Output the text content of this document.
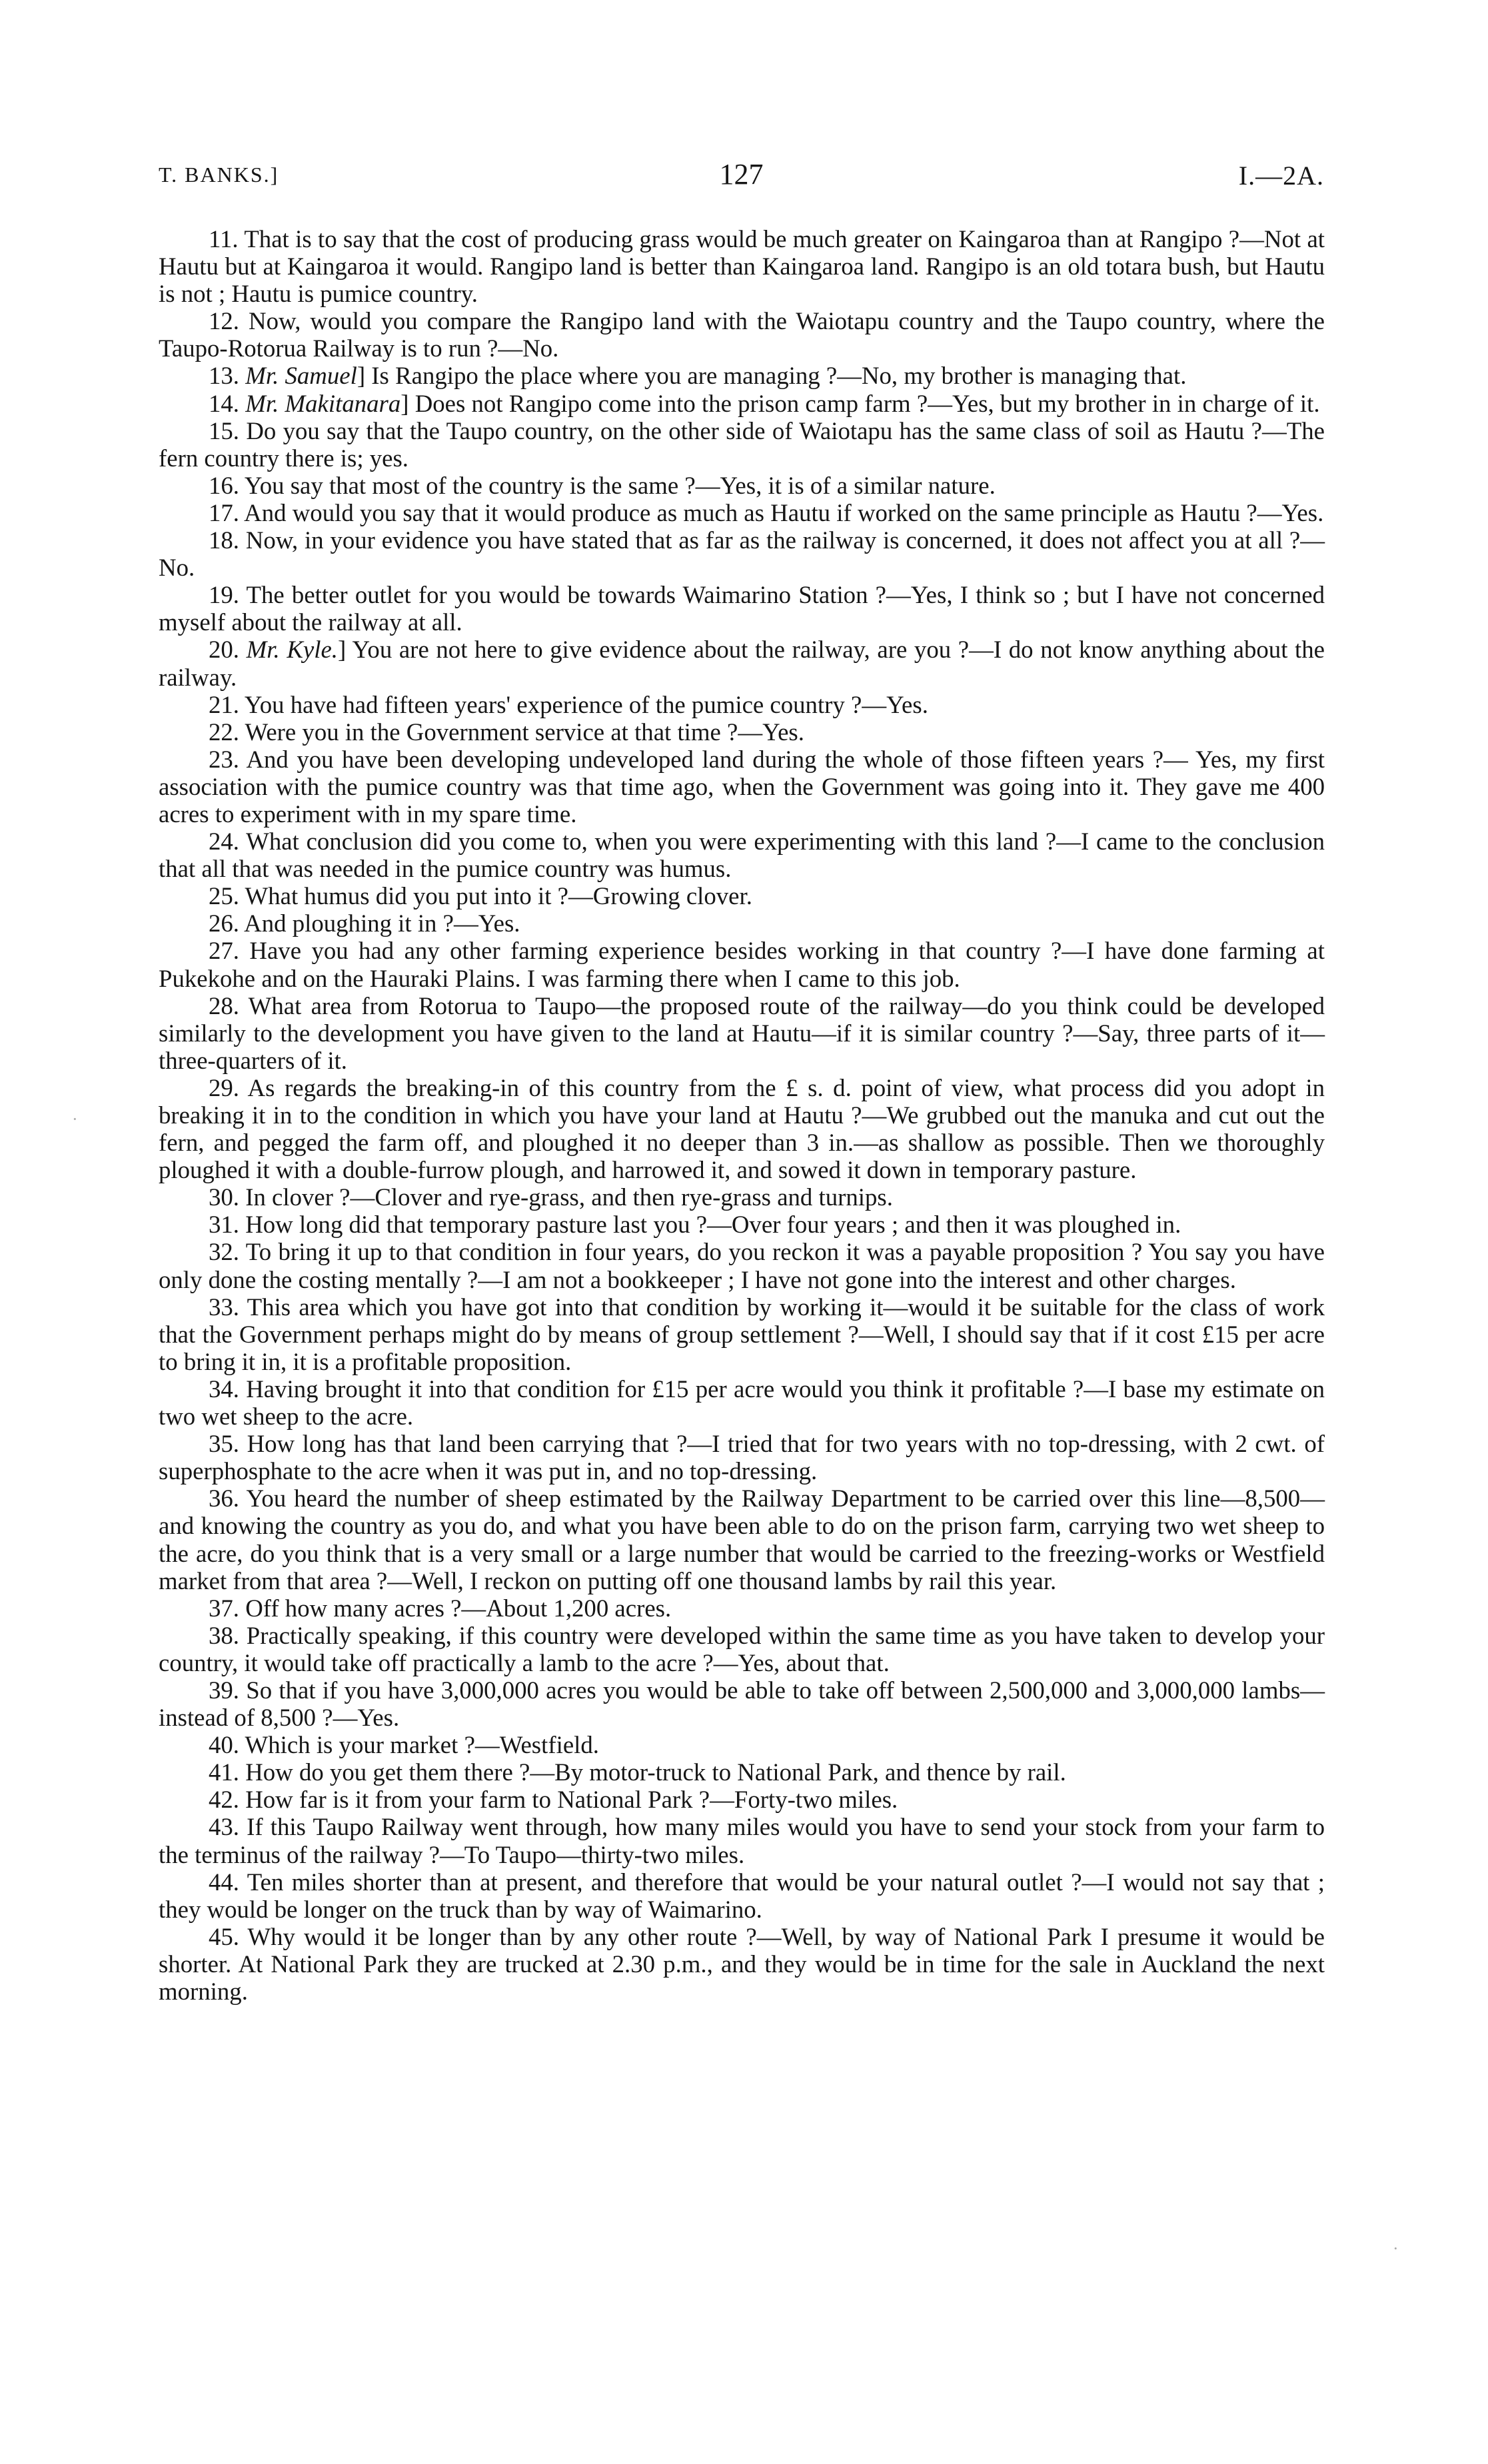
T. BANKS.]	127	I.—2A.

11. That is to say that the cost of producing grass would be much greater on Kaingaroa than at Rangipo ?—Not at Hautu but at Kaingaroa it would. Rangipo land is better than Kaingaroa land. Rangipo is an old totara bush, but Hautu is not ; Hautu is pumice country.

12. Now, would you compare the Rangipo land with the Waiotapu country and the Taupo country, where the Taupo-Rotorua Railway is to run ?—No.

13. Mr. Samuel] Is Rangipo the place where you are managing ?—No, my brother is managing that.

14. Mr. Makitanara] Does not Rangipo come into the prison camp farm ?—Yes, but my brother in in charge of it.

15. Do you say that the Taupo country, on the other side of Waiotapu has the same class of soil as Hautu ?—The fern country there is; yes.

16. You say that most of the country is the same ?—Yes, it is of a similar nature.

17. And would you say that it would produce as much as Hautu if worked on the same principle as Hautu ?—Yes.

18. Now, in your evidence you have stated that as far as the railway is concerned, it does not affect you at all ?—No.

19. The better outlet for you would be towards Waimarino Station ?—Yes, I think so ; but I have not concerned myself about the railway at all.

20. Mr. Kyle.] You are not here to give evidence about the railway, are you ?—I do not know anything about the railway.

21. You have had fifteen years' experience of the pumice country ?—Yes.

22. Were you in the Government service at that time ?—Yes.

23. And you have been developing undeveloped land during the whole of those fifteen years ?— Yes, my first association with the pumice country was that time ago, when the Government was going into it. They gave me 400 acres to experiment with in my spare time.

24. What conclusion did you come to, when you were experimenting with this land ?—I came to the conclusion that all that was needed in the pumice country was humus.

25. What humus did you put into it ?—Growing clover.

26. And ploughing it in ?—Yes.

27. Have you had any other farming experience besides working in that country ?—I have done farming at Pukekohe and on the Hauraki Plains. I was farming there when I came to this job.

28. What area from Rotorua to Taupo—the proposed route of the railway—do you think could be developed similarly to the development you have given to the land at Hautu—if it is similar country ?—Say, three parts of it—three-quarters of it.

29. As regards the breaking-in of this country from the £ s. d. point of view, what process did you adopt in breaking it in to the condition in which you have your land at Hautu ?—We grubbed out the manuka and cut out the fern, and pegged the farm off, and ploughed it no deeper than 3 in.—as shallow as possible. Then we thoroughly ploughed it with a double-furrow plough, and harrowed it, and sowed it down in temporary pasture.

30. In clover ?—Clover and rye-grass, and then rye-grass and turnips.

31. How long did that temporary pasture last you ?—Over four years ; and then it was ploughed in.

32. To bring it up to that condition in four years, do you reckon it was a payable proposition ? You say you have only done the costing mentally ?—I am not a bookkeeper ; I have not gone into the interest and other charges.

33. This area which you have got into that condition by working it—would it be suitable for the class of work that the Government perhaps might do by means of group settlement ?—Well, I should say that if it cost £15 per acre to bring it in, it is a profitable proposition.

34. Having brought it into that condition for £15 per acre would you think it profitable ?—I base my estimate on two wet sheep to the acre.

35. How long has that land been carrying that ?—I tried that for two years with no top-dressing, with 2 cwt. of superphosphate to the acre when it was put in, and no top-dressing.

36. You heard the number of sheep estimated by the Railway Department to be carried over this line—8,500—and knowing the country as you do, and what you have been able to do on the prison farm, carrying two wet sheep to the acre, do you think that is a very small or a large number that would be carried to the freezing-works or Westfield market from that area ?—Well, I reckon on putting off one thousand lambs by rail this year.

37. Off how many acres ?—About 1,200 acres.

38. Practically speaking, if this country were developed within the same time as you have taken to develop your country, it would take off practically a lamb to the acre ?—Yes, about that.

39. So that if you have 3,000,000 acres you would be able to take off between 2,500,000 and 3,000,000 lambs—instead of 8,500 ?—Yes.

40. Which is your market ?—Westfield.

41. How do you get them there ?—By motor-truck to National Park, and thence by rail.

42. How far is it from your farm to National Park ?—Forty-two miles.

43. If this Taupo Railway went through, how many miles would you have to send your stock from your farm to the terminus of the railway ?—To Taupo—thirty-two miles.

44. Ten miles shorter than at present, and therefore that would be your natural outlet ?—I would not say that ; they would be longer on the truck than by way of Waimarino.

45. Why would it be longer than by any other route ?—Well, by way of National Park I presume it would be shorter. At National Park they are trucked at 2.30 p.m., and they would be in time for the sale in Auckland the next morning.

·
·
